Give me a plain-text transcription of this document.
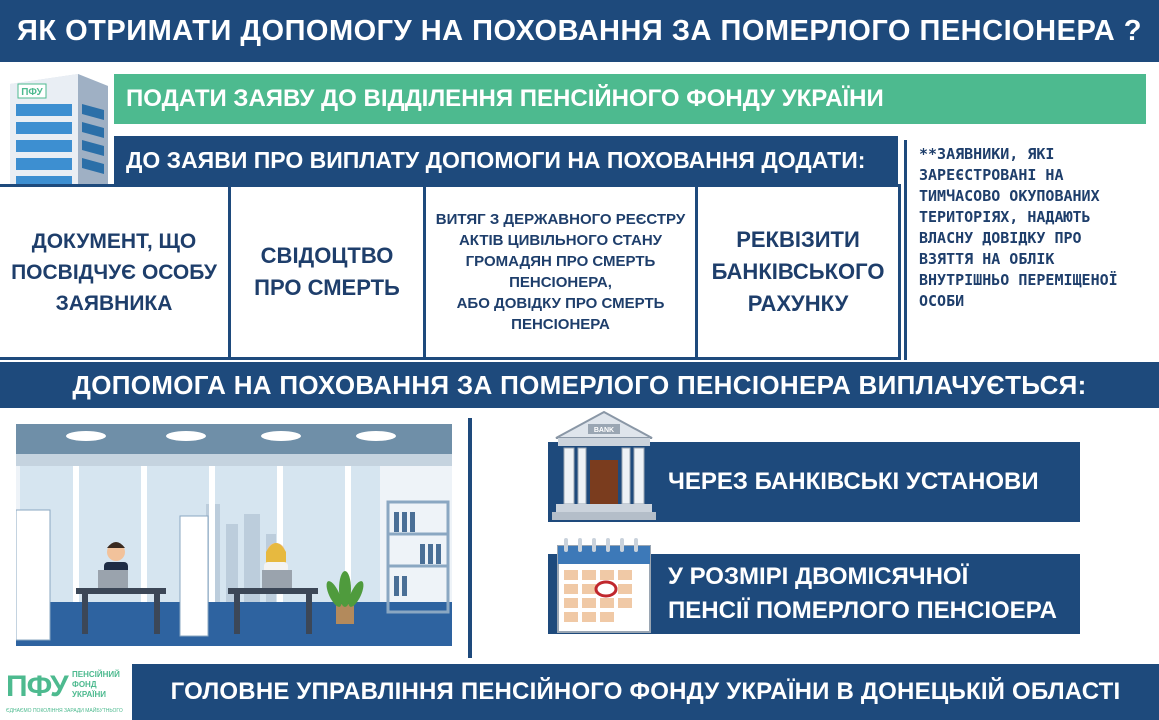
ЯК ОТРИМАТИ ДОПОМОГУ НА ПОХОВАННЯ ЗА ПОМЕРЛОГО ПЕНСІОНЕРА ?
ПФУ	ПОДАТИ ЗАЯВУ ДО ВІДДІЛЕННЯ ПЕНСІЙНОГО ФОНДУ УКРАЇНИ
ДО ЗАЯВИ ПРО ВИПЛАТУ ДОПОМОГИ НА ПОХОВАННЯ ДОДАТИ:
ДОКУМЕНТ, ЩО
ПОСВІДЧУЄ ОСОБУ
ЗАЯВНИКА
СВІДОЦТВО
ПРО СМЕРТЬ
ВИТЯГ З ДЕРЖАВНОГО РЕЄСТРУ
АКТІВ ЦИВІЛЬНОГО СТАНУ
ГРОМАДЯН ПРО СМЕРТЬ
ПЕНСІОНЕРА,
АБО ДОВІДКУ ПРО СМЕРТЬ
ПЕНСІОНЕРА
РЕКВІЗИТИ
БАНКІВСЬКОГО
РАХУНКУ
**ЗАЯВНИКИ, ЯКІ
ЗАРЕЄСТРОВАНІ НА
ТИМЧАСОВО ОКУПОВАНИХ
ТЕРИТОРІЯХ, НАДАЮТЬ
ВЛАСНУ ДОВІДКУ ПРО
ВЗЯТТЯ НА ОБЛІК
ВНУТРІШНЬО ПЕРЕМІЩЕНОЇ
ОСОБИ
ДОПОМОГА НА ПОХОВАННЯ ЗА ПОМЕРЛОГО ПЕНСІОНЕРА ВИПЛАЧУЄТЬСЯ:
BANK
ЧЕРЕЗ БАНКІВСЬКІ УСТАНОВИ
У РОЗМІРІ ДВОМІСЯЧНОЇ
ПЕНСІЇ ПОМЕРЛОГО ПЕНСІОЕРА
ГОЛОВНЕ УПРАВЛІННЯ ПЕНСІЙНОГО ФОНДУ УКРАЇНИ В ДОНЕЦЬКІЙ ОБЛАСТІ
ПФУ ПЕНСІЙНИЙ
ФОНД
УКРАЇНИ
ЄДНАЄМО ПОКОЛІННЯ ЗАРАДИ МАЙБУТНЬОГО
